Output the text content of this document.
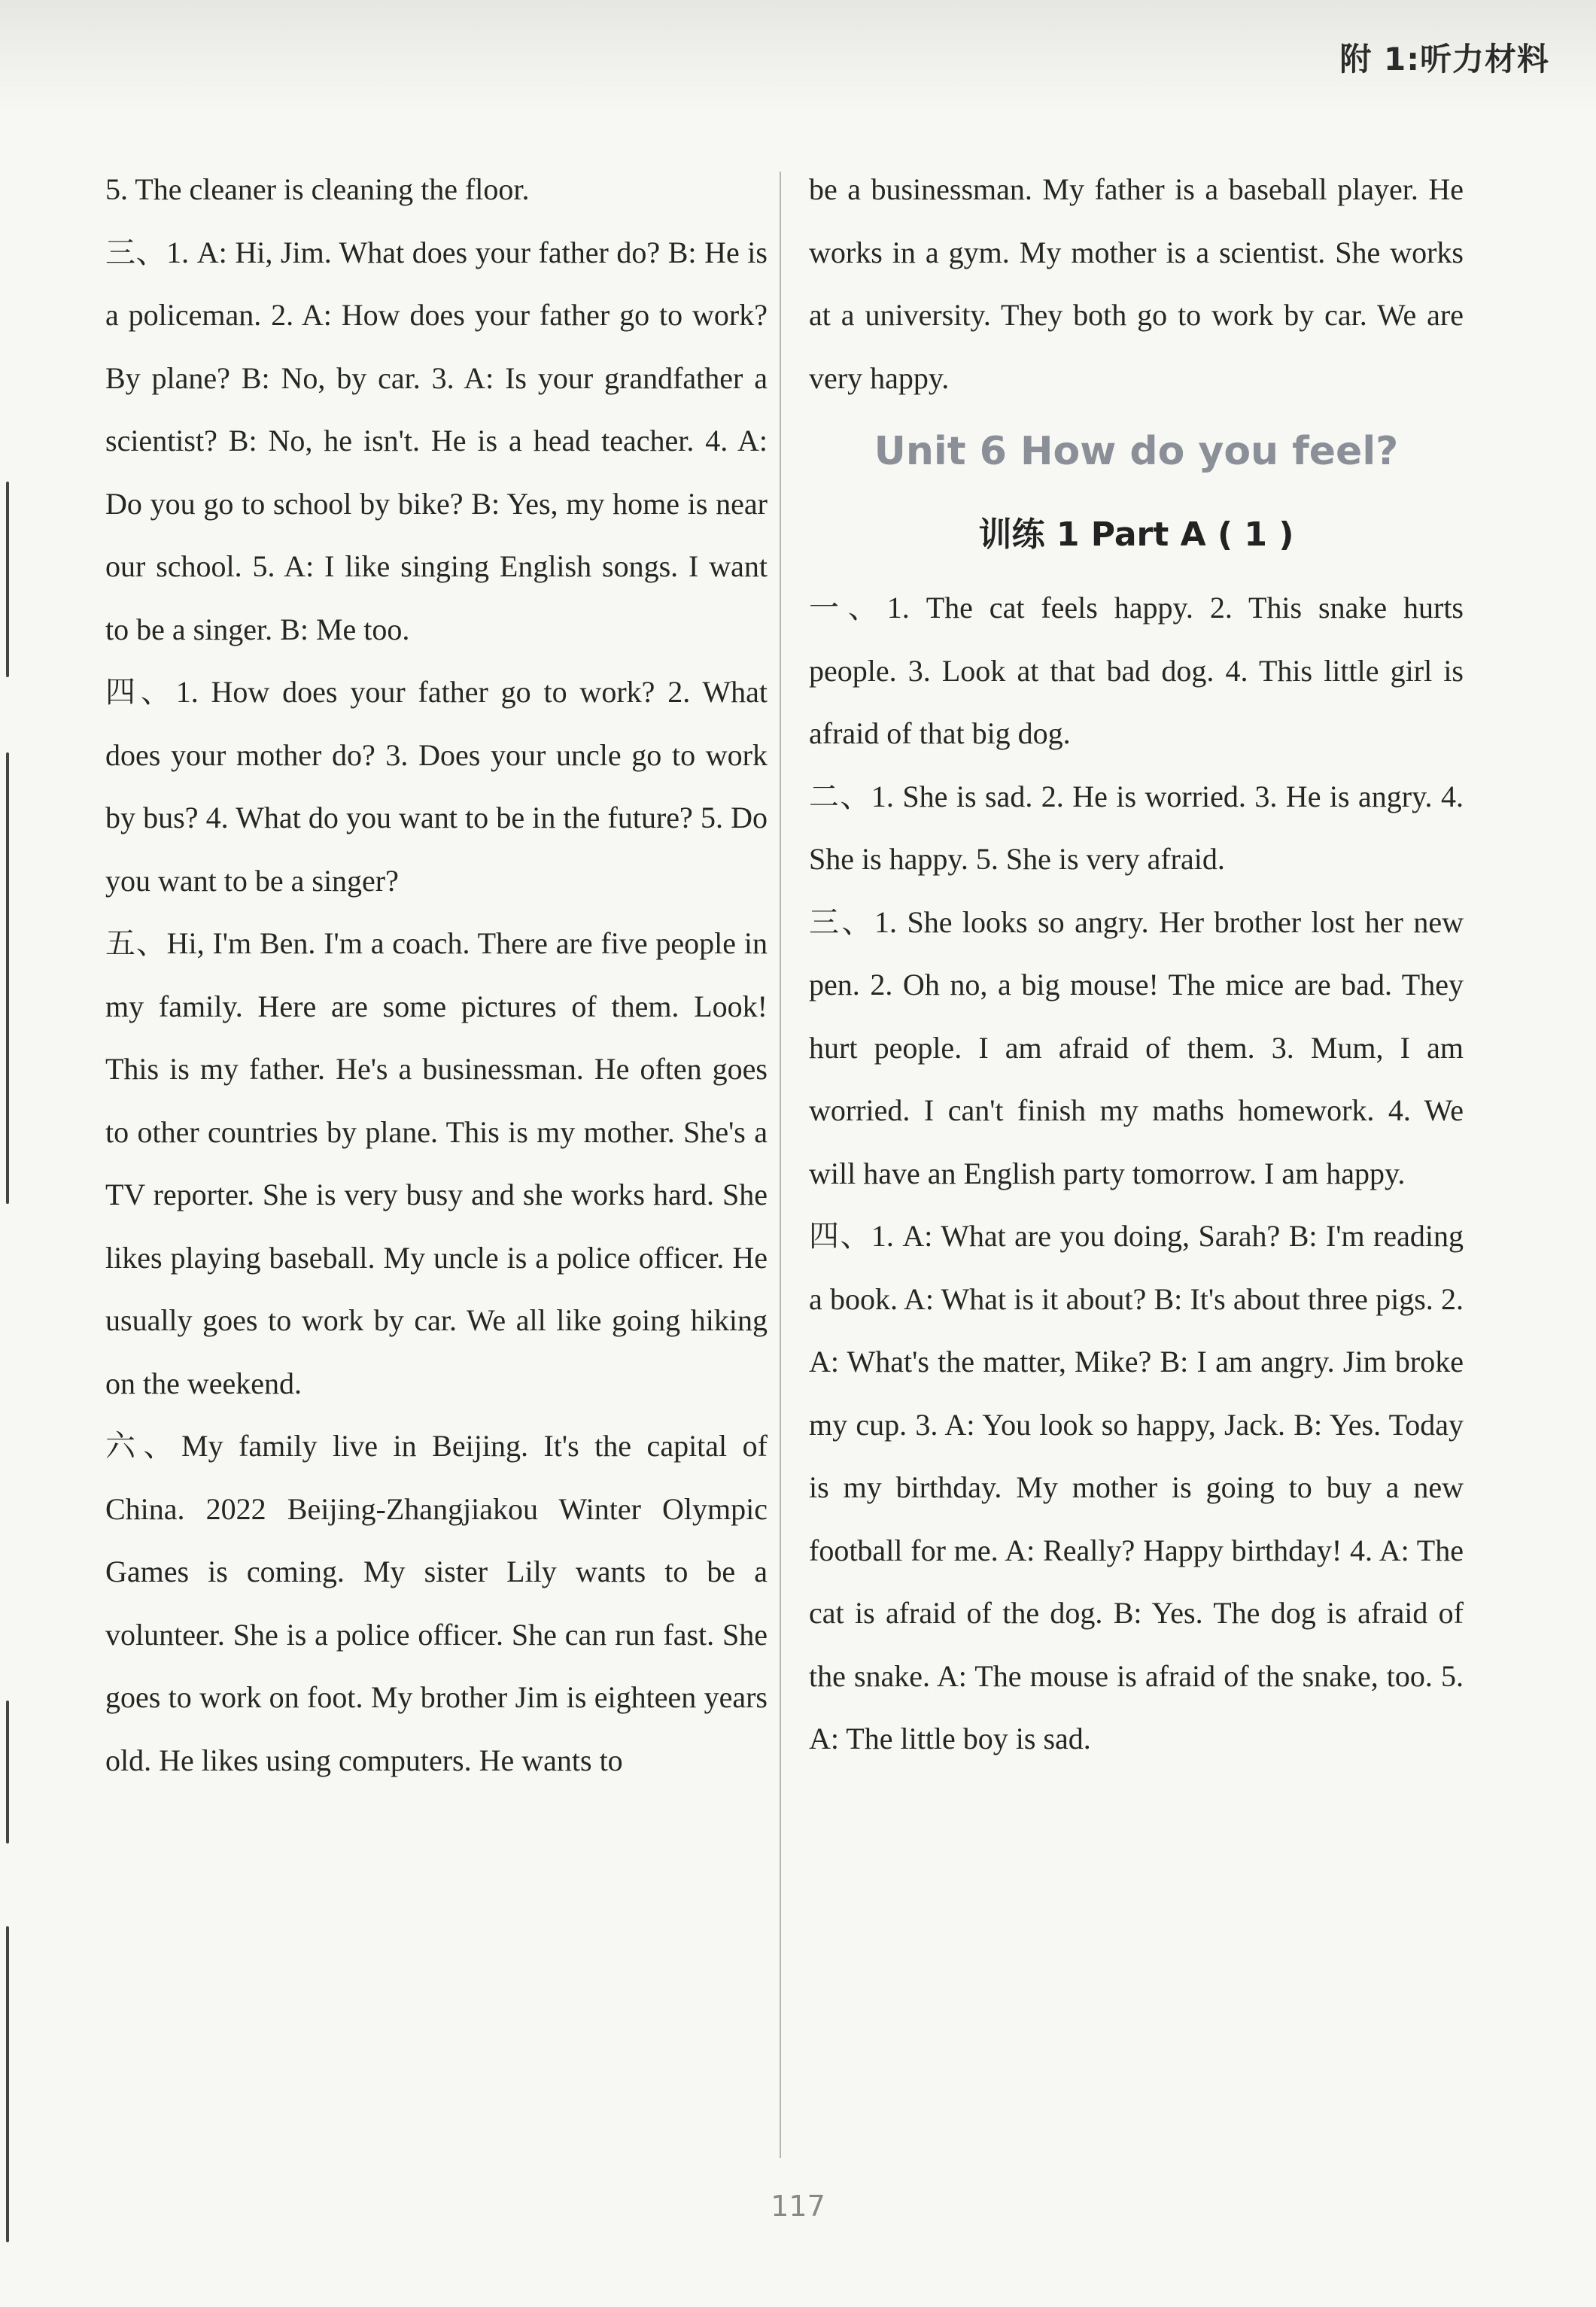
附 1:听力材料

5. The cleaner is cleaning the floor.

三、1. A: Hi, Jim. What does your father do? B: He is a policeman. 2. A: How does your father go to work? By plane? B: No, by car. 3. A: Is your grandfather a scientist? B: No, he isn't. He is a head teacher. 4. A: Do you go to school by bike? B: Yes, my home is near our school. 5. A: I like singing English songs. I want to be a singer. B: Me too.

四、1. How does your father go to work? 2. What does your mother do? 3. Does your uncle go to work by bus? 4. What do you want to be in the future? 5. Do you want to be a singer?

五、Hi, I'm Ben. I'm a coach. There are five people in my family. Here are some pictures of them. Look! This is my father. He's a businessman. He often goes to other countries by plane. This is my mother. She's a TV reporter. She is very busy and she works hard. She likes playing baseball. My uncle is a police officer. He usually goes to work by car. We all like going hiking on the weekend.

六、My family live in Beijing. It's the capital of China. 2022 Beijing-Zhangjiakou Winter Olympic Games is coming. My sister Lily wants to be a volunteer. She is a police officer. She can run fast. She goes to work on foot. My brother Jim is eighteen years old. He likes using computers. He wants to

be a businessman. My father is a baseball player. He works in a gym. My mother is a scientist. She works at a university. They both go to work by car. We are very happy.

Unit 6 How do you feel?

训练 1 Part A ( 1 )

一、1. The cat feels happy. 2. This snake hurts people. 3. Look at that bad dog. 4. This little girl is afraid of that big dog.

二、1. She is sad. 2. He is worried. 3. He is angry. 4. She is happy. 5. She is very afraid.

三、1. She looks so angry. Her brother lost her new pen. 2. Oh no, a big mouse! The mice are bad. They hurt people. I am afraid of them. 3. Mum, I am worried. I can't finish my maths homework. 4. We will have an English party tomorrow. I am happy.

四、1. A: What are you doing, Sarah? B: I'm reading a book. A: What is it about? B: It's about three pigs. 2. A: What's the matter, Mike? B: I am angry. Jim broke my cup. 3. A: You look so happy, Jack. B: Yes. Today is my birthday. My mother is going to buy a new football for me. A: Really? Happy birthday! 4. A: The cat is afraid of the dog. B: Yes. The dog is afraid of the snake. A: The mouse is afraid of the snake, too. 5. A: The little boy is sad.

117
